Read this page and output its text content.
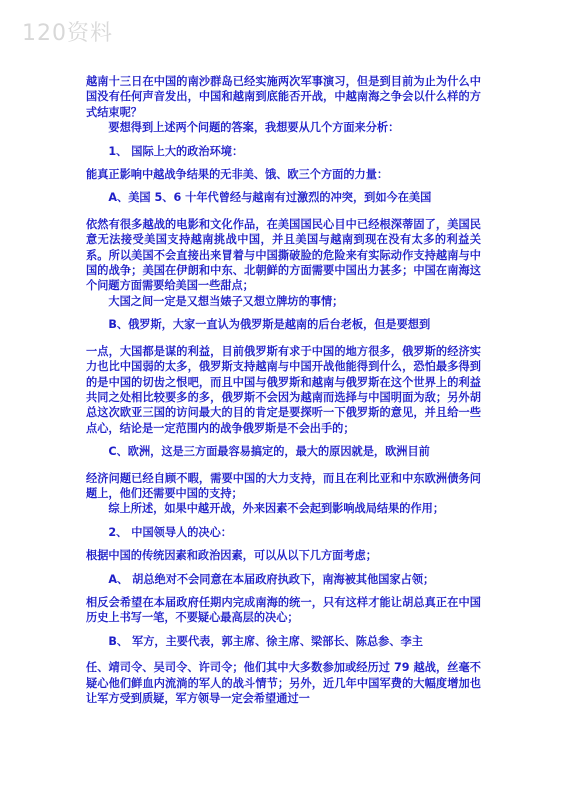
120资料

越南十三日在中国的南沙群岛已经实施两次军事演习，但是到目前为止为什么中国没有任何声音发出，中国和越南到底能否开战，中越南海之争会以什么样的方式结束呢？

要想得到上述两个问题的答案，我想要从几个方面来分析：

1、 国际上大的政治环境：

能真正影响中越战争结果的无非美、饿、欧三个方面的力量：

A、美国 5、6 十年代曾经与越南有过激烈的冲突，到如今在美国

依然有很多越战的电影和文化作品，在美国国民心目中已经根深蒂固了，美国民意无法接受美国支持越南挑战中国，并且美国与越南到现在没有太多的利益关系。所以美国不会直接出来冒着与中国撕破脸的危险来有实际动作支持越南与中国的战争；美国在伊朗和中东、北朝鲜的方面需要中国出力甚多；中国在南海这个问题方面需要给美国一些甜点；

大国之间一定是又想当婊子又想立牌坊的事情；

B、俄罗斯，大家一直认为俄罗斯是越南的后台老板，但是要想到

一点，大国都是谋的利益，目前俄罗斯有求于中国的地方很多，俄罗斯的经济实力也比中国弱的太多，俄罗斯支持越南与中国开战他能得到什么，恐怕最多得到的是中国的切齿之恨吧，而且中国与俄罗斯和越南与俄罗斯在这个世界上的利益共同之处相比较要多的多，俄罗斯不会因为越南而选择与中国明面为敌；另外胡总这次欧亚三国的访问最大的目的肯定是要探听一下俄罗斯的意见，并且给一些点心，结论是一定范围内的战争俄罗斯是不会出手的；

C、欧洲，这是三方面最容易搞定的，最大的原因就是，欧洲目前

经济问题已经自顾不暇，需要中国的大力支持，而且在利比亚和中东欧洲债务问题上，他们还需要中国的支持；

综上所述，如果中越开战，外来因素不会起到影响战局结果的作用；

2、 中国领导人的决心：

根据中国的传统因素和政治因素，可以从以下几方面考虑；

A、 胡总绝对不会同意在本届政府执政下，南海被其他国家占领；

相反会希望在本届政府任期内完成南海的统一，只有这样才能让胡总真正在中国历史上书写一笔，不要疑心最高层的决心；

B、 军方，主要代表，郭主席、徐主席、梁部长、陈总参、李主

任、靖司令、吴司令、许司令；他们其中大多数参加或经历过 79 越战，丝毫不疑心他们鲜血内流淌的军人的战斗情节；另外，近几年中国军费的大幅度增加也让军方受到质疑，军方领导一定会希望通过一
